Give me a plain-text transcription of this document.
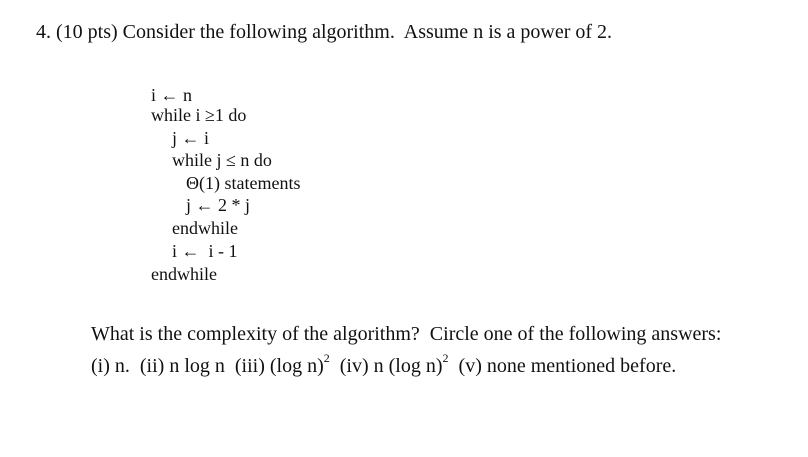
4. (10 pts) Consider the following algorithm.  Assume n is a power of 2.
i ← n
while i ≥1 do
j ← i
while j ≤ n do
Θ(1) statements
j ← 2 * j
endwhile
i ←  i - 1
endwhile
What is the complexity of the algorithm?  Circle one of the following answers:
(i) n. (ii) n log n (iii) (log n)$^2$ (iv) n (log n)$^2$ (v) none mentioned before.
